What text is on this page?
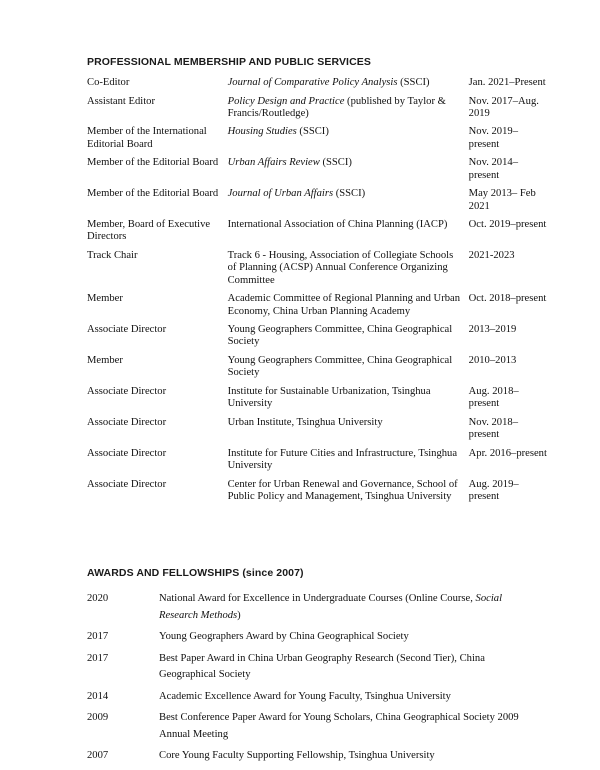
PROFESSIONAL MEMBERSHIP AND PUBLIC SERVICES
Co-Editor	Journal of Comparative Policy Analysis (SSCI)	Jan. 2021–Present
Assistant Editor	Policy Design and Practice (published by Taylor & Francis/Routledge)	Nov. 2017–Aug. 2019
Member of the International Editorial Board	Housing Studies (SSCI)	Nov. 2019–present
Member of the Editorial Board	Urban Affairs Review (SSCI)	Nov. 2014–present
Member of the Editorial Board	Journal of Urban Affairs (SSCI)	May 2013– Feb 2021
Member, Board of Executive Directors	International Association of China Planning (IACP)	Oct. 2019–present
Track Chair	Track 6 - Housing, Association of Collegiate Schools of Planning (ACSP) Annual Conference Organizing Committee	2021-2023
Member	Academic Committee of Regional Planning and Urban Economy, China Urban Planning Academy	Oct. 2018–present
Associate Director	Young Geographers Committee, China Geographical Society	2013–2019
Member	Young Geographers Committee, China Geographical Society	2010–2013
Associate Director	Institute for Sustainable Urbanization, Tsinghua University	Aug. 2018–present
Associate Director	Urban Institute, Tsinghua University	Nov. 2018–present
Associate Director	Institute for Future Cities and Infrastructure, Tsinghua University	Apr. 2016–present
Associate Director	Center for Urban Renewal and Governance, School of Public Policy and Management, Tsinghua University	Aug. 2019–present
AWARDS AND FELLOWSHIPS (since 2007)
2020	National Award for Excellence in Undergraduate Courses (Online Course, Social Research Methods)
2017	Young Geographers Award by China Geographical Society
2017	Best Paper Award in China Urban Geography Research (Second Tier), China Geographical Society
2014	Academic Excellence Award for Young Faculty, Tsinghua University
2009	Best Conference Paper Award for Young Scholars, China Geographical Society 2009 Annual Meeting
2007	Core Young Faculty Supporting Fellowship, Tsinghua University
